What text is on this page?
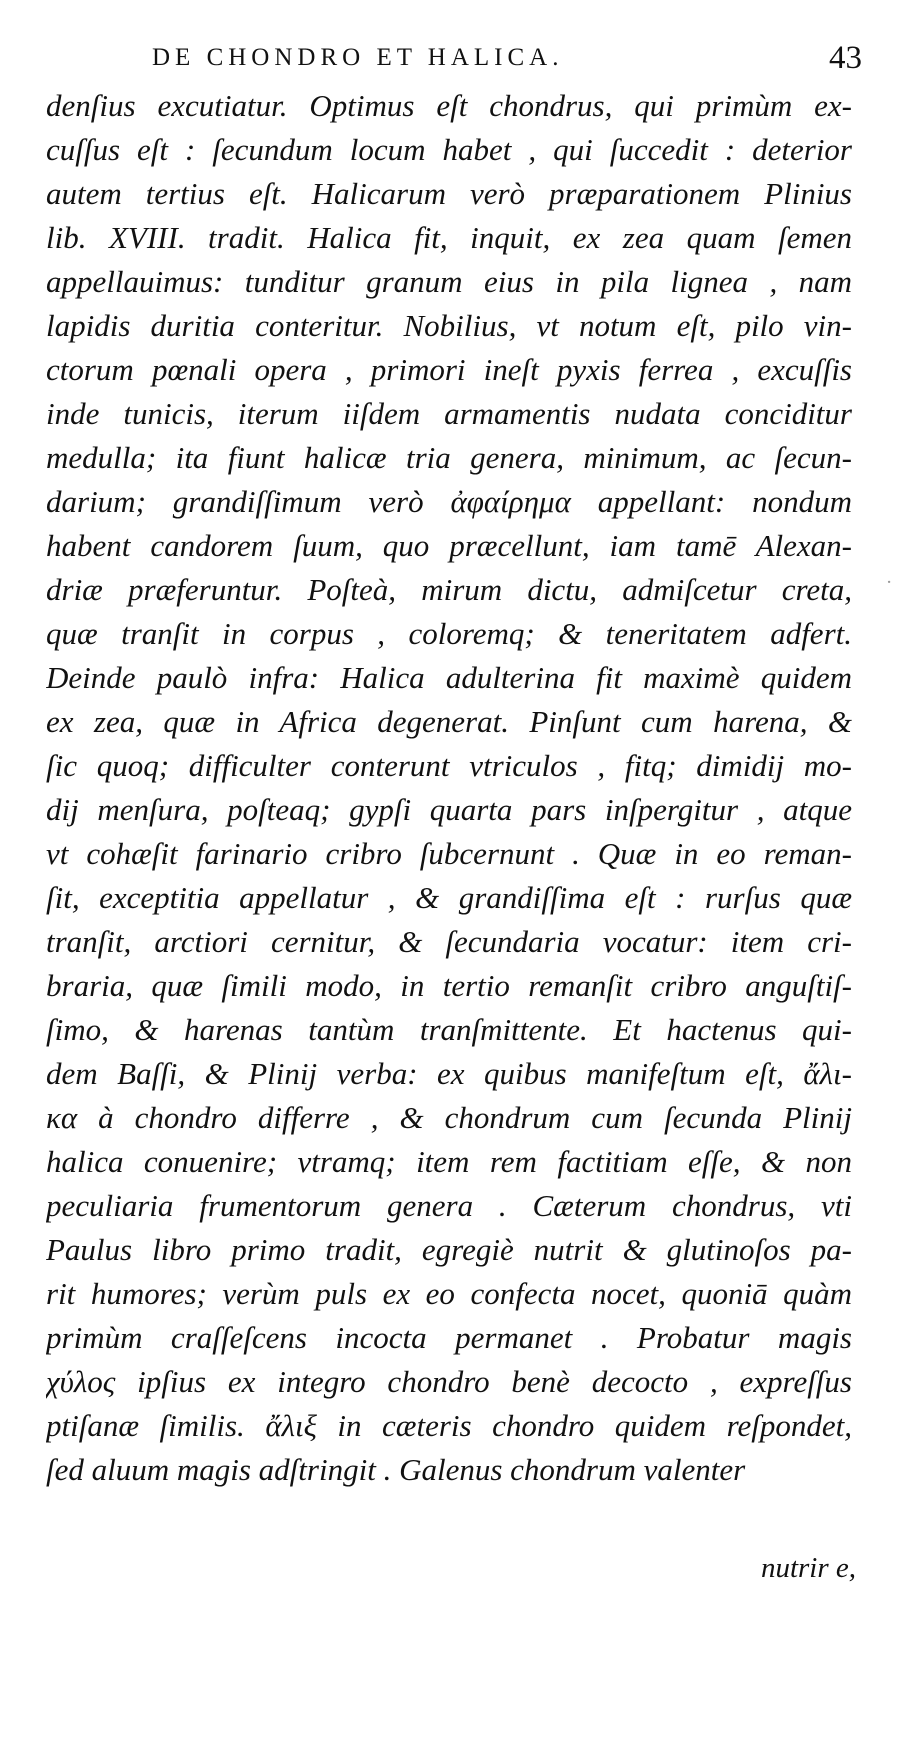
DE CHONDRO ET HALICA.	43
denſius excutiatur. Optimus eſt chondrus, qui primùm ex-
cuſſus eſt : ſecundum locum habet , qui ſuccedit : deterior
autem tertius eſt. Halicarum verò præparationem Plinius
lib. XVIII. tradit. Halica fit, inquit, ex zea quam ſemen
appellauimus: tunditur granum eius in pila lignea , nam
lapidis duritia conteritur. Nobilius, vt notum eſt, pilo vin-
ctorum pœnali opera , primori ineſt pyxis ferrea , excuſſis
inde tunicis, iterum iiſdem armamentis nudata conciditur
medulla; ita fiunt halicæ tria genera, minimum, ac ſecun-
darium; grandiſſimum verò ἀφαίρημα appellant: nondum
habent candorem ſuum, quo præcellunt, iam tamē Alexan-
driæ præferuntur. Poſteà, mirum dictu, admiſcetur creta,
quæ tranſit in corpus , coloremq; & teneritatem adfert.
Deinde paulò infra: Halica adulterina fit maximè quidem
ex zea, quæ in Africa degenerat. Pinſunt cum harena, &
ſic quoq; difficulter conterunt vtriculos , fitq; dimidij mo-
dij menſura, poſteaq; gypſi quarta pars inſpergitur , atque
vt cohæſit farinario cribro ſubcernunt . Quæ in eo reman-
ſit, exceptitia appellatur , & grandiſſima eſt : rurſus quæ
tranſit, arctiori cernitur, & ſecundaria vocatur: item cri-
braria, quæ ſimili modo, in tertio remanſit cribro anguſtiſ-
ſimo, & harenas tantùm tranſmittente. Et hactenus qui-
dem Baſſi, & Plinij verba: ex quibus manifeſtum eſt, ἄλι-
κα à chondro differre , & chondrum cum ſecunda Plinij
halica conuenire; vtramq; item rem factitiam eſſe, & non
peculiaria frumentorum genera . Cæterum chondrus, vti
Paulus libro primo tradit, egregiè nutrit & glutinoſos pa-
rit humores; verùm puls ex eo confecta nocet, quoniā quàm
primùm craſſeſcens incocta permanet . Probatur magis
χύλος ipſius ex integro chondro benè decocto , expreſſus
ptiſanæ ſimilis. ἄλιξ in cæteris chondro quidem reſpondet,
ſed aluum magis adſtringit . Galenus chondrum valenter
nutrir e,
·
